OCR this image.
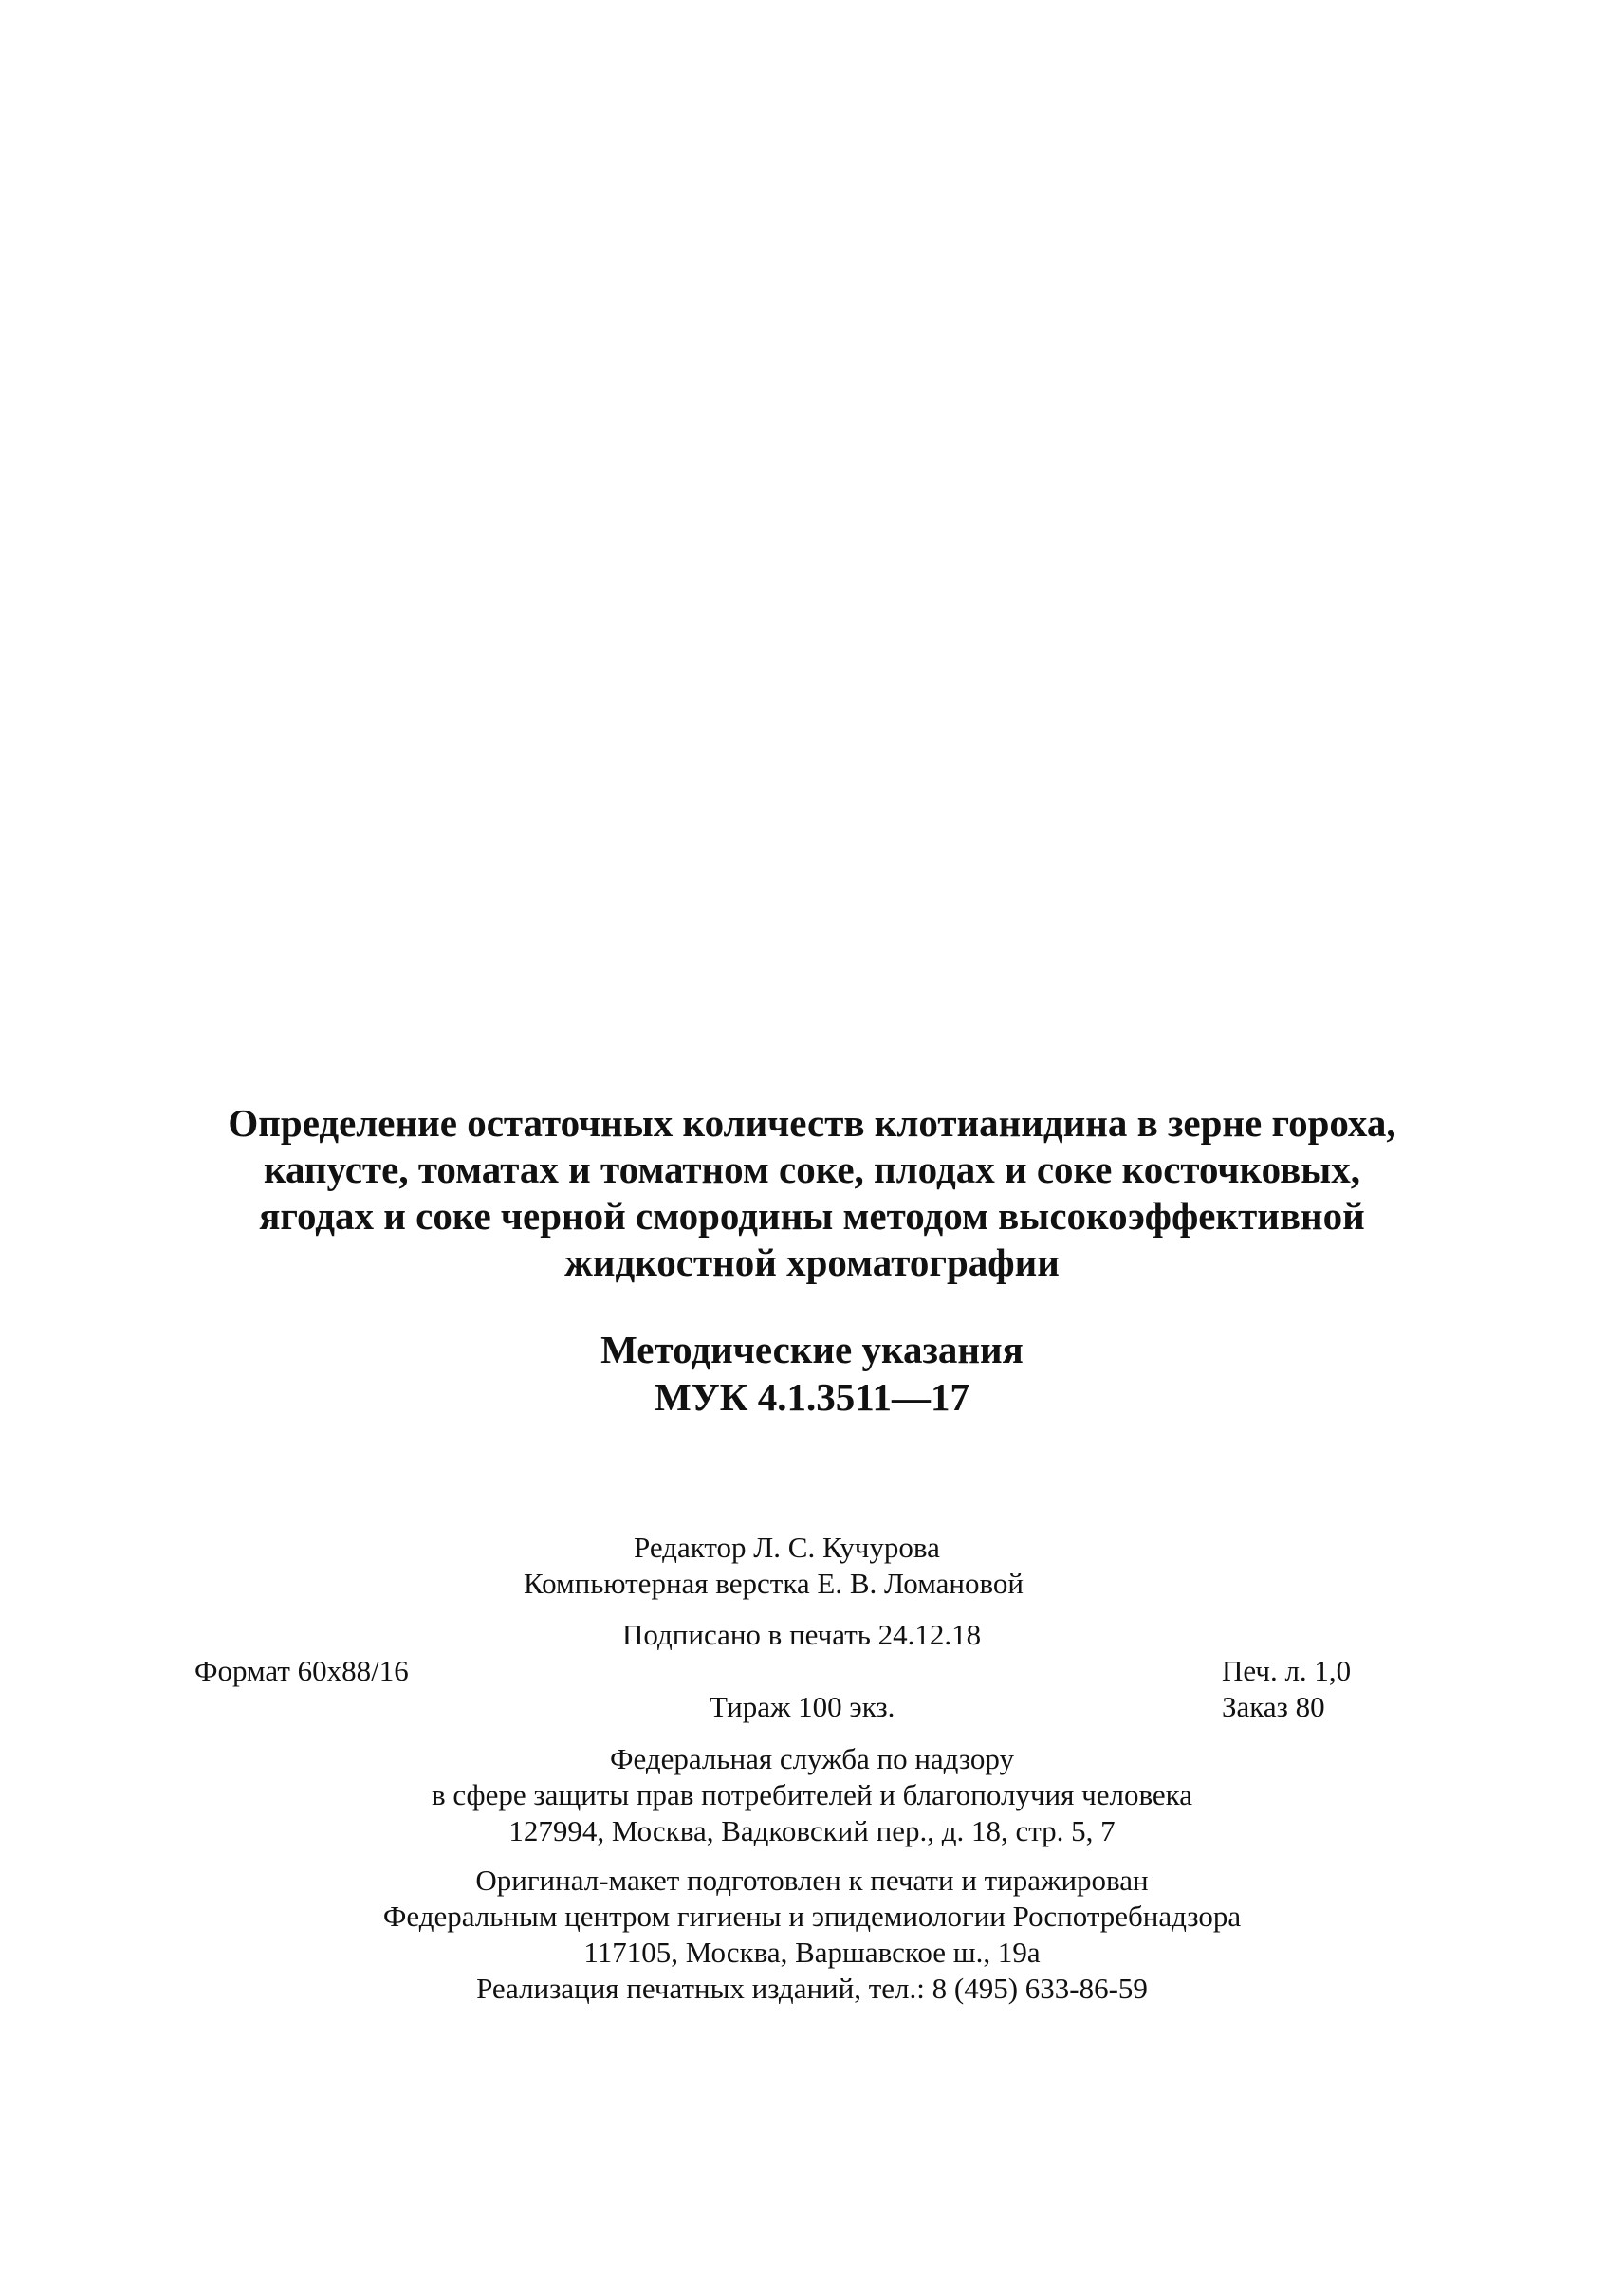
Определение остаточных количеств клотианидина в зерне гороха,
капусте, томатах и томатном соке, плодах и соке косточковых,
ягодах и соке черной смородины методом высокоэффективной
жидкостной хроматографии
Методические указания
МУК 4.1.3511—17
Редактор Л. С. Кучурова
Компьютерная верстка Е. В. Ломановой
Подписано в печать 24.12.18
Формат 60x88/16	Печ. л. 1,0
Тираж 100 экз.	Заказ 80
Федеральная служба по надзору
в сфере защиты прав потребителей и благополучия человека
127994, Москва, Вадковский пер., д. 18, стр. 5, 7
Оригинал-макет подготовлен к печати и тиражирован
Федеральным центром гигиены и эпидемиологии Роспотребнадзора
117105, Москва, Варшавское ш., 19а
Реализация печатных изданий, тел.: 8 (495) 633-86-59
